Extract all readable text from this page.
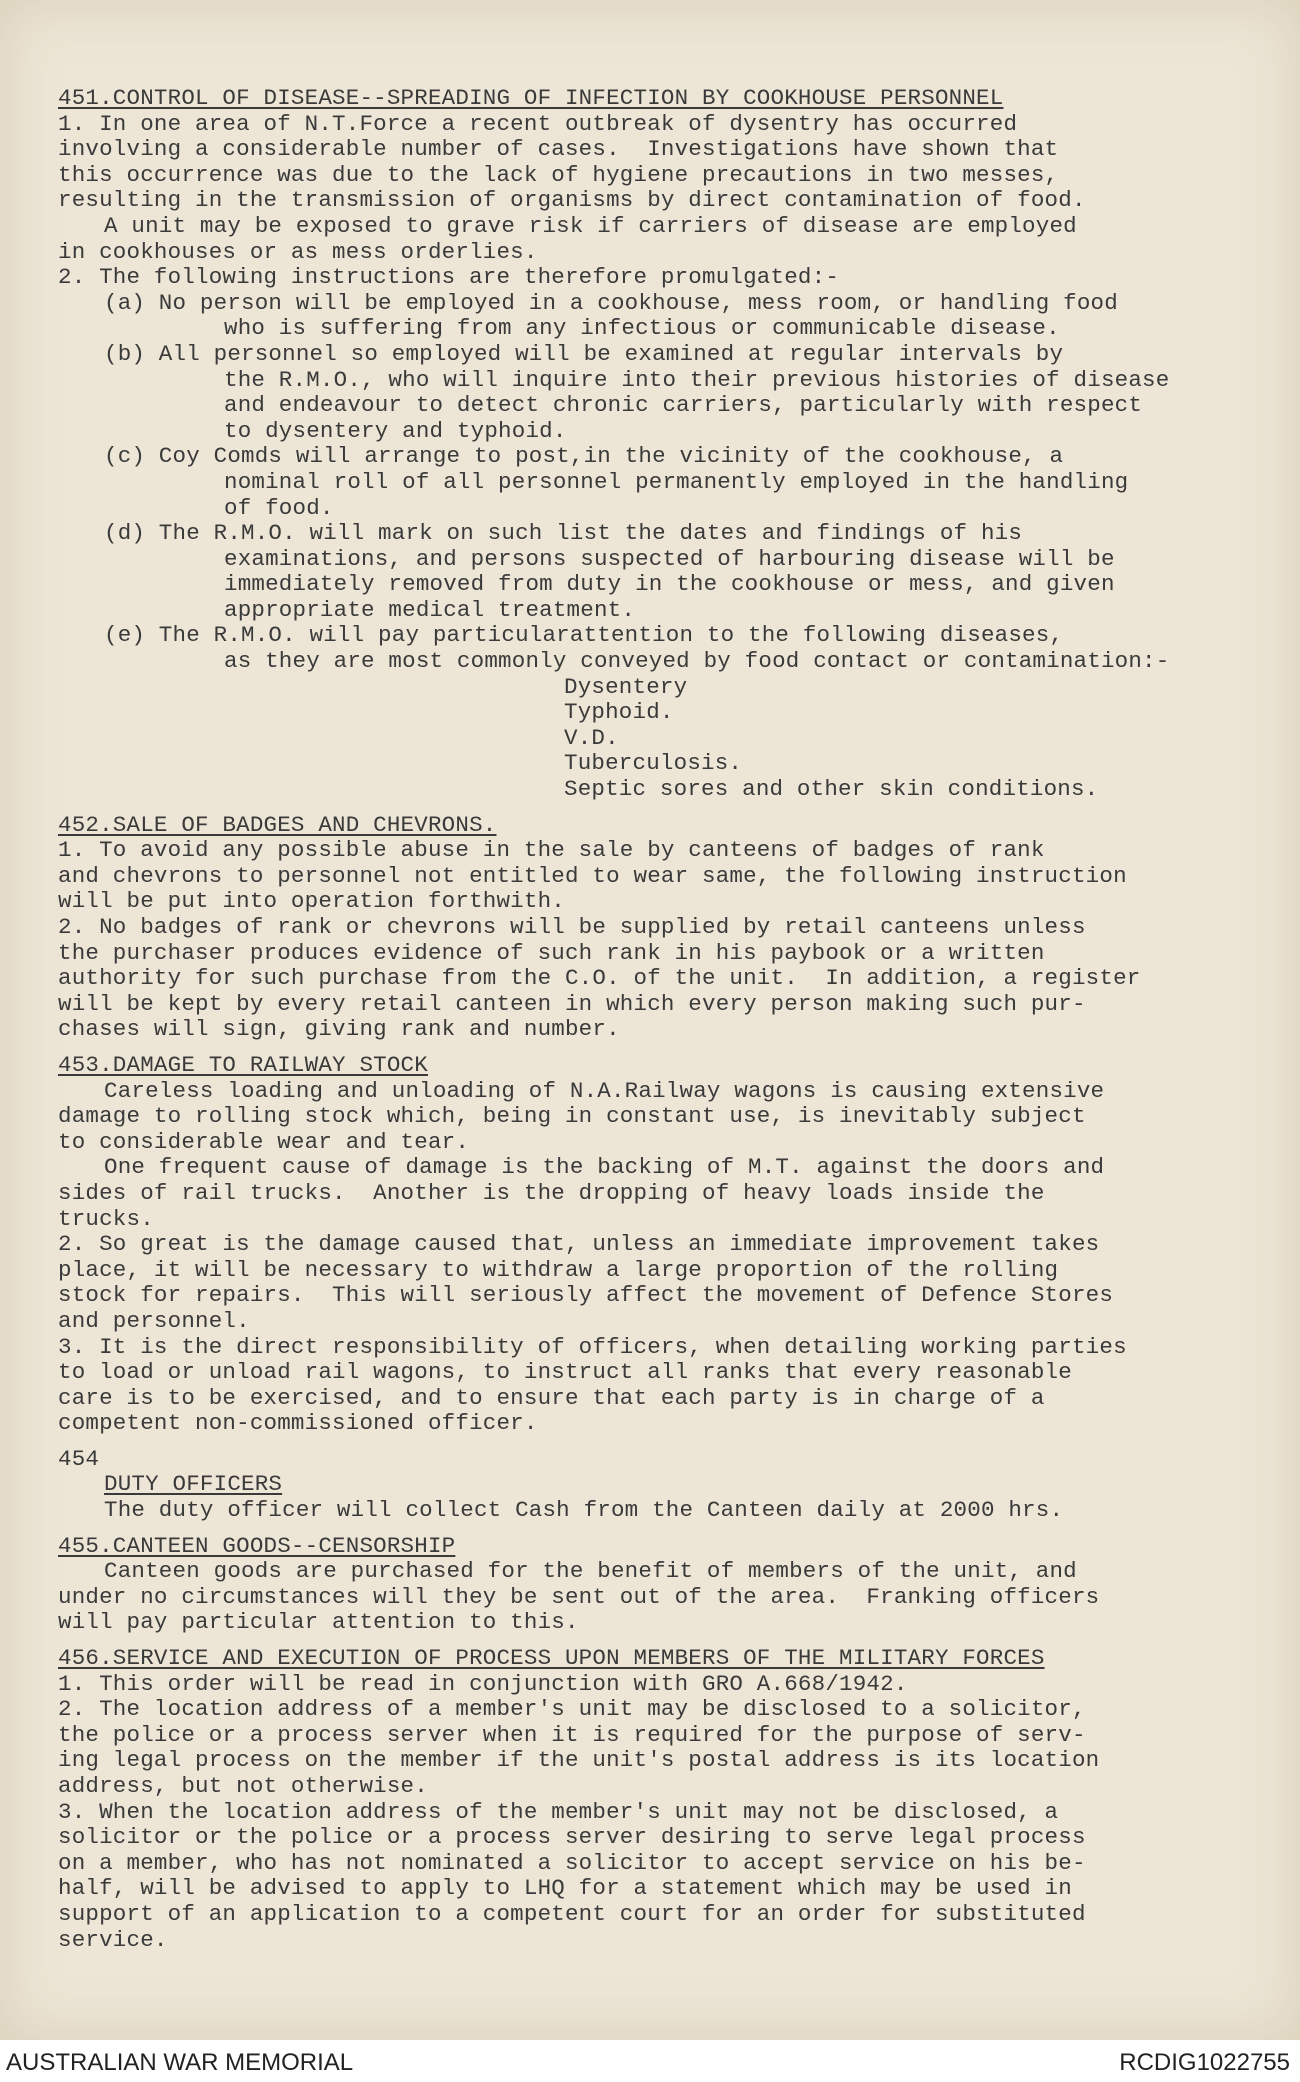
451.CONTROL OF DISEASE--SPREADING OF INFECTION BY COOKHOUSE PERSONNEL
1. In one area of N.T.Force a recent outbreak of dysentry has occurred
involving a considerable number of cases.  Investigations have shown that
this occurrence was due to the lack of hygiene precautions in two messes,
resulting in the transmission of organisms by direct contamination of food.
A unit may be exposed to grave risk if carriers of disease are employed
in cookhouses or as mess orderlies.
2. The following instructions are therefore promulgated:-
(a) No person will be employed in a cookhouse, mess room, or handling food
who is suffering from any infectious or communicable disease.
(b) All personnel so employed will be examined at regular intervals by
the R.M.O., who will inquire into their previous histories of disease
and endeavour to detect chronic carriers, particularly with respect
to dysentery and typhoid.
(c) Coy Comds will arrange to post,in the vicinity of the cookhouse, a
nominal roll of all personnel permanently employed in the handling
of food.
(d) The R.M.O. will mark on such list the dates and findings of his
examinations, and persons suspected of harbouring disease will be
immediately removed from duty in the cookhouse or mess, and given
appropriate medical treatment.
(e) The R.M.O. will pay particularattention to the following diseases,
as they are most commonly conveyed by food contact or contamination:-
Dysentery
Typhoid.
V.D.
Tuberculosis.
Septic sores and other skin conditions.
452.SALE OF BADGES AND CHEVRONS.
1. To avoid any possible abuse in the sale by canteens of badges of rank
and chevrons to personnel not entitled to wear same, the following instruction
will be put into operation forthwith.
2. No badges of rank or chevrons will be supplied by retail canteens unless
the purchaser produces evidence of such rank in his paybook or a written
authority for such purchase from the C.O. of the unit.  In addition, a register
will be kept by every retail canteen in which every person making such pur-
chases will sign, giving rank and number.
453.DAMAGE TO RAILWAY STOCK
Careless loading and unloading of N.A.Railway wagons is causing extensive
damage to rolling stock which, being in constant use, is inevitably subject
to considerable wear and tear.
One frequent cause of damage is the backing of M.T. against the doors and
sides of rail trucks.  Another is the dropping of heavy loads inside the
trucks.
2. So great is the damage caused that, unless an immediate improvement takes
place, it will be necessary to withdraw a large proportion of the rolling
stock for repairs.  This will seriously affect the movement of Defence Stores
and personnel.
3. It is the direct responsibility of officers, when detailing working parties
to load or unload rail wagons, to instruct all ranks that every reasonable
care is to be exercised, and to ensure that each party is in charge of a
competent non-commissioned officer.
454
DUTY OFFICERS
The duty officer will collect Cash from the Canteen daily at 2000 hrs.
455.CANTEEN GOODS--CENSORSHIP
Canteen goods are purchased for the benefit of members of the unit, and
under no circumstances will they be sent out of the area.  Franking officers
will pay particular attention to this.
456.SERVICE AND EXECUTION OF PROCESS UPON MEMBERS OF THE MILITARY FORCES
1. This order will be read in conjunction with GRO A.668/1942.
2. The location address of a member's unit may be disclosed to a solicitor,
the police or a process server when it is required for the purpose of serv-
ing legal process on the member if the unit's postal address is its location
address, but not otherwise.
3. When the location address of the member's unit may not be disclosed, a
solicitor or the police or a process server desiring to serve legal process
on a member, who has not nominated a solicitor to accept service on his be-
half, will be advised to apply to LHQ for a statement which may be used in
support of an application to a competent court for an order for substituted
service.
AUSTRALIAN WAR MEMORIAL	RCDIG1022755
